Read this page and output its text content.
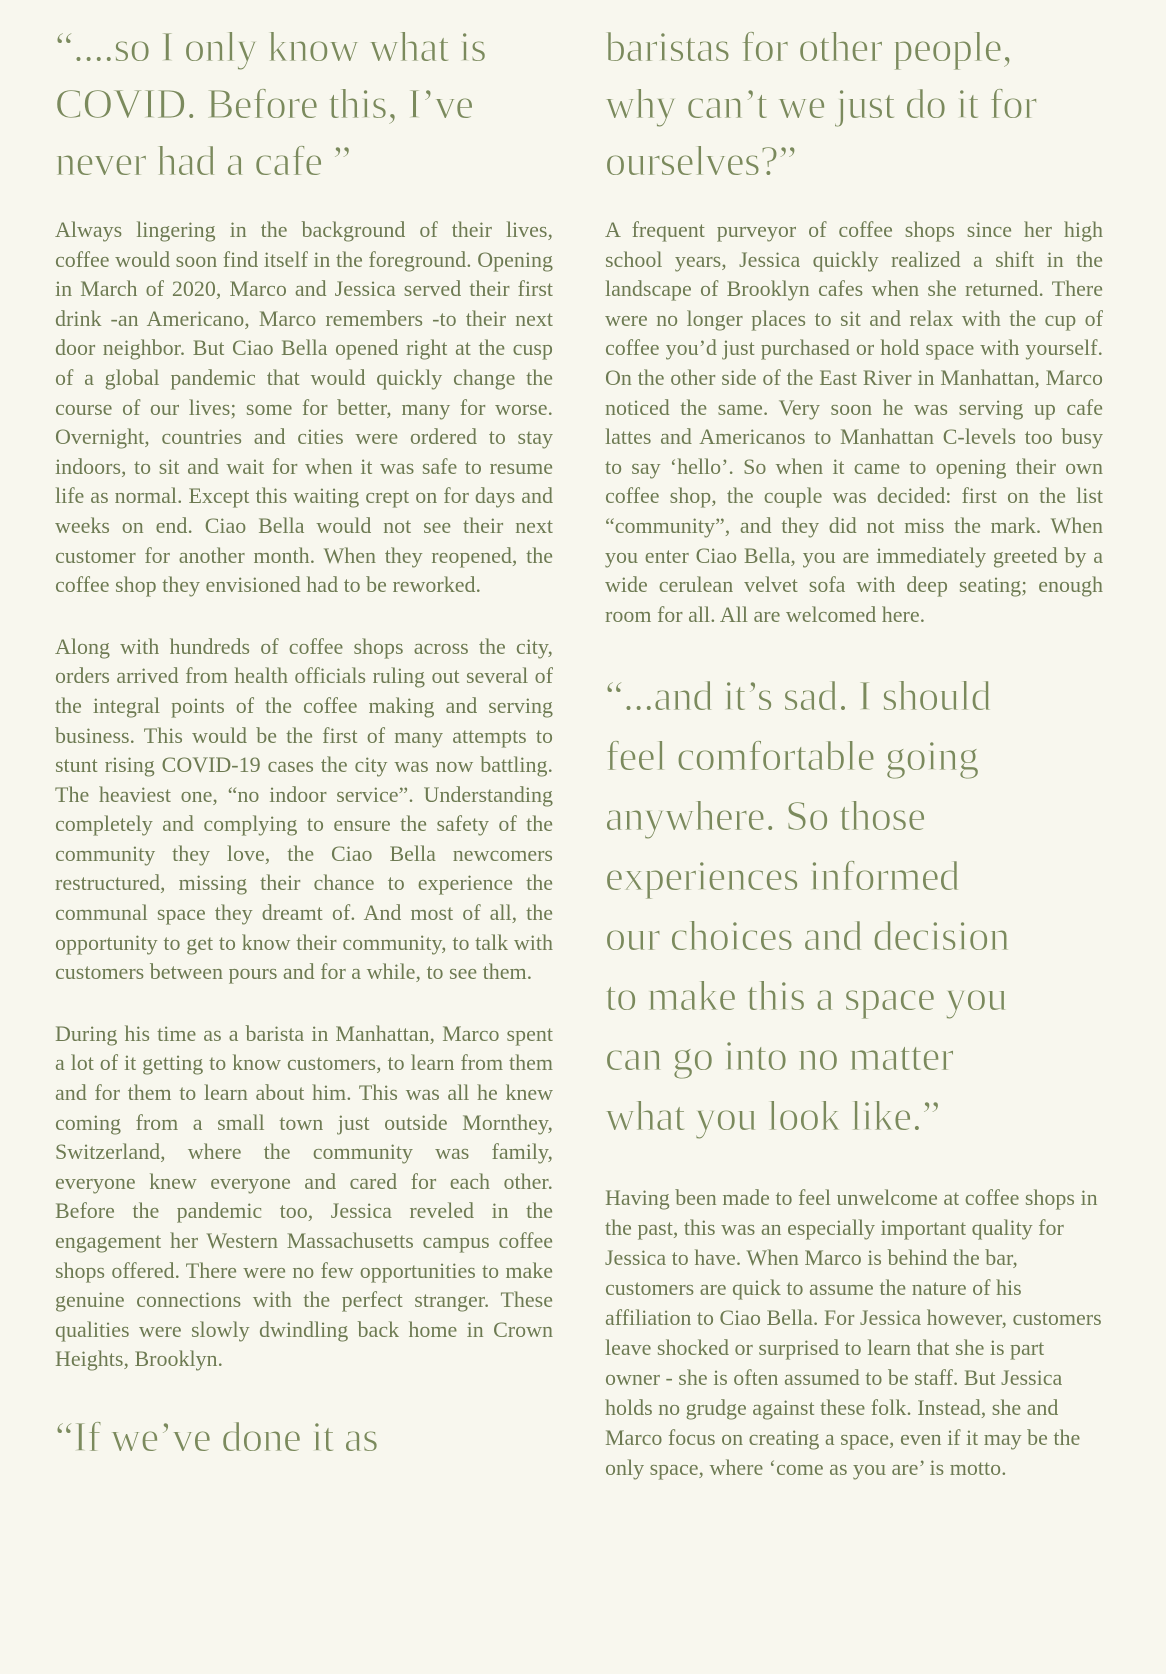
“....so I only know what is
COVID. Before this, I’ve
never had a cafe ”

Always lingering in the background of their lives, coffee would soon find itself in the foreground. Opening in March of 2020, Marco and Jessica served their first drink -an Americano, Marco remembers -to their next door neighbor. But Ciao Bella opened right at the cusp of a global pandemic that would quickly change the course of our lives; some for better, many for worse. Overnight, countries and cities were ordered to stay indoors, to sit and wait for when it was safe to resume life as normal. Except this waiting crept on for days and weeks on end. Ciao Bella would not see their next customer for another month. When they reopened, the coffee shop they envisioned had to be reworked.

Along with hundreds of coffee shops across the city, orders arrived from health officials ruling out several of the integral points of the coffee making and serving business. This would be the first of many attempts to stunt rising COVID-19 cases the city was now battling. The heaviest one, “no indoor service”. Understanding completely and complying to ensure the safety of the community they love, the Ciao Bella newcomers restructured, missing their chance to experience the communal space they dreamt of. And most of all, the opportunity to get to know their community, to talk with customers between pours and for a while, to see them.

During his time as a barista in Manhattan, Marco spent a lot of it getting to know customers, to learn from them and for them to learn about him. This was all he knew coming from a small town just outside Mornthey, Switzerland, where the community was family, everyone knew everyone and cared for each other. Before the pandemic too, Jessica reveled in the engagement her Western Massachusetts campus coffee shops offered. There were no few opportunities to make genuine connections with the perfect stranger. These qualities were slowly dwindling back home in Crown Heights, Brooklyn.

“If we’ve done it as
baristas for other people,
why can’t we just do it for
ourselves?”

A frequent purveyor of coffee shops since her high school years, Jessica quickly realized a shift in the landscape of Brooklyn cafes when she returned. There were no longer places to sit and relax with the cup of coffee you’d just purchased or hold space with yourself. On the other side of the East River in Manhattan, Marco noticed the same. Very soon he was serving up cafe lattes and Americanos to Manhattan C-levels too busy to say ‘hello’. So when it came to opening their own coffee shop, the couple was decided: first on the list “community”, and they did not miss the mark. When you enter Ciao Bella, you are immediately greeted by a wide cerulean velvet sofa with deep seating; enough room for all. All are welcomed here.

“...and it’s sad. I should
feel comfortable going
anywhere. So those
experiences informed
our choices and decision
to make this a space you
can go into no matter
what you look like.”

Having been made to feel unwelcome at coffee shops in the past, this was an especially important quality for Jessica to have. When Marco is behind the bar, customers are quick to assume the nature of his affiliation to Ciao Bella. For Jessica however, customers leave shocked or surprised to learn that she is part owner - she is often assumed to be staff. But Jessica holds no grudge against these folk. Instead, she and Marco focus on creating a space, even if it may be the only space, where ‘come as you are’ is motto.
